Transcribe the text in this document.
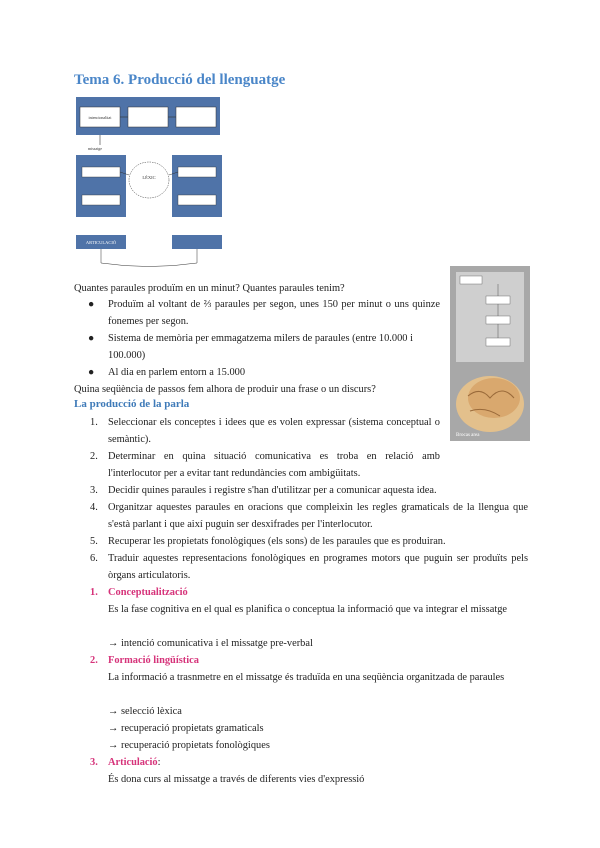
Tema 6. Producció del llenguatge
intencionalitat
missatge
LÈXIC
ARTICULACIÓ
Brocas area
Quantes paraules produïm en un minut? Quantes paraules tenim?
● Produïm al voltant de ⅔ paraules per segon, unes 150 per minut o uns quinze fonemes per segon.
● Sistema de memòria per emmagatzema milers de paraules (entre 10.000 i 100.000)
● Al dia en parlem entorn a 15.000
Quina seqüència de passos fem alhora de produir una frase o un discurs?
La producció de la parla
1. Seleccionar els conceptes i idees que es volen expressar (sistema conceptual o semàntic).
2. Determinar en quina situació comunicativa es troba en relació amb l'interlocutor per a evitar tant redundàncies com ambigüitats.
3. Decidir quines paraules i registre s'han d'utilitzar per a comunicar aquesta idea.
4. Organitzar aquestes paraules en oracions que compleixin les regles gramaticals de la llengua que s'està parlant i que així puguin ser desxifrades per l'interlocutor.
5. Recuperar les propietats fonològiques (els sons) de les paraules que es produiran.
6. Traduir aquestes representacions fonològiques en programes motors que puguin ser produïts pels òrgans articulatoris.
1. Conceptualització
Es la fase cognitiva en el qual es planifica o conceptua la informació que va integrar el missatge
→ intenció comunicativa i el missatge pre-verbal
2. Formació lingüística
La informació a trasnmetre en el missatge és traduïda en una seqüència organitzada de paraules
→ selecció lèxica
→ recuperació propietats gramaticals
→ recuperació propietats fonològiques
3. Articulació:
És dona curs al missatge a través de diferents vies d'expressió
